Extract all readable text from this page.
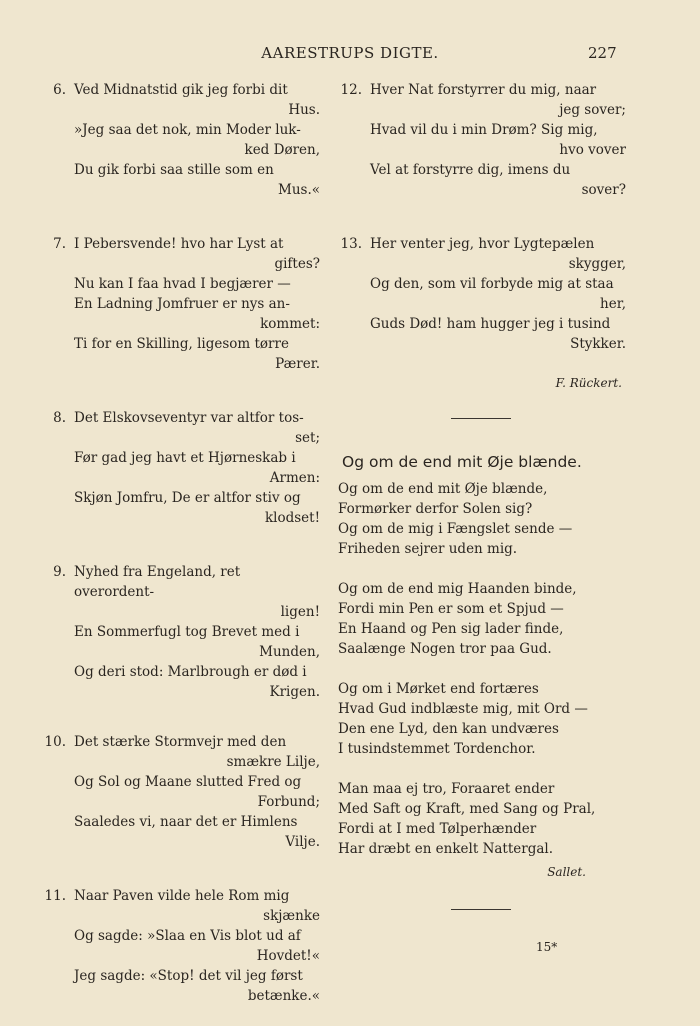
AARESTRUPS DIGTE.	227
6. Ved Midnatstid gik jeg forbi dit
Hus.
»Jeg saa det nok, min Moder luk-
ked Døren,
Du gik forbi saa stille som en
Mus.«
7. I Pebersvende! hvo har Lyst at
giftes?
Nu kan I faa hvad I begjærer —
En Ladning Jomfruer er nys an-
kommet:
Ti for en Skilling, ligesom tørre
Pærer.
8. Det Elskovseventyr var altfor tos-
set;
Før gad jeg havt et Hjørneskab i
Armen:
Skjøn Jomfru, De er altfor stiv og
klodset!
9. Nyhed fra Engeland, ret overordent-
ligen!
En Sommerfugl tog Brevet med i
Munden,
Og deri stod: Marlbrough er død i
Krigen.
10. Det stærke Stormvejr med den
smækre Lilje,
Og Sol og Maane slutted Fred og
Forbund;
Saaledes vi, naar det er Himlens
Vilje.
11. Naar Paven vilde hele Rom mig
skjænke
Og sagde: »Slaa en Vis blot ud af
Hovdet!«
Jeg sagde: «Stop! det vil jeg først
betænke.«
12. Hver Nat forstyrrer du mig, naar
jeg sover;
Hvad vil du i min Drøm? Sig mig,
hvo vover
Vel at forstyrre dig, imens du
sover?
13. Her venter jeg, hvor Lygtepælen
skygger,
Og den, som vil forbyde mig at staa
her,
Guds Død! ham hugger jeg i tusind
Stykker.
F. Rückert.
Og om de end mit Øje blænde.
Og om de end mit Øje blænde,
Formørker derfor Solen sig?
Og om de mig i Fængslet sende —
Friheden sejrer uden mig.
Og om de end mig Haanden binde,
Fordi min Pen er som et Spjud —
En Haand og Pen sig lader finde,
Saalænge Nogen tror paa Gud.
Og om i Mørket end fortæres
Hvad Gud indblæste mig, mit Ord —
Den ene Lyd, den kan undværes
I tusindstemmet Tordenchor.
Man maa ej tro, Foraaret ender
Med Saft og Kraft, med Sang og Pral,
Fordi at I med Tølperhænder
Har dræbt en enkelt Nattergal.
Sallet.
15*
